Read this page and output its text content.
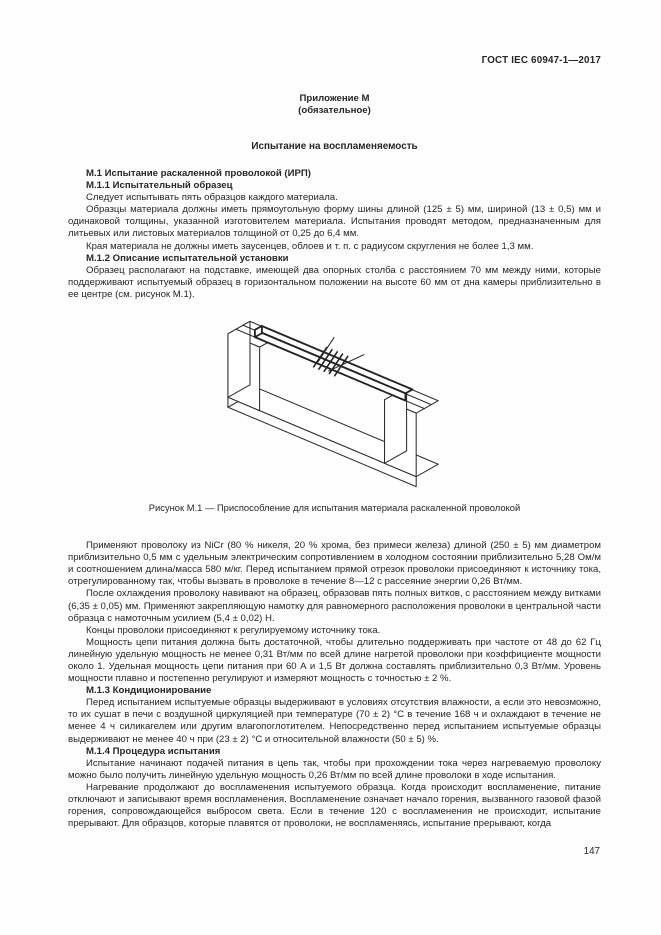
ГОСТ IEC 60947-1—2017
Приложение М
(обязательное)
Испытание на воспламеняемость

М.1 Испытание раскаленной проволокой (ИРП)

М.1.1 Испытательный образец

Следует испытывать пять образцов каждого материала.

Образцы материала должны иметь прямоугольную форму шины длиной (125 ± 5) мм, шириной (13 ± 0,5) мм и одинаковой толщины, указанной изготовителем материала. Испытания проводят методом, предназначенным для литьевых или листовых материалов толщиной от 0,25 до 6,4 мм.

Края материала не должны иметь заусенцев, облоев и т. п. с радиусом скругления не более 1,3 мм.

М.1.2 Описание испытательной установки

Образец располагают на подставке, имеющей два опорных столба с расстоянием 70 мм между ними, которые поддерживают испытуемый образец в горизонтальном положении на высоте 60 мм от дна камеры приблизительно в ее центре (см. рисунок М.1).

Рисунок М.1 — Приспособление для испытания материала раскаленной проволокой

Применяют проволоку из NiCr (80 % никеля, 20 % хрома, без примеси железа) длиной (250 ± 5) мм диаметром приблизительно 0,5 мм с удельным электрическим сопротивлением в холодном состоянии приблизительно 5,28 Ом/м и соотношением длина/масса 580 м/кг. Перед испытанием прямой отрезок проволоки присоединяют к источнику тока, отрегулированному так, чтобы вызвать в проволоке в течение 8—12 с рассеяние энергии 0,26 Вт/мм.

После охлаждения проволоку навивают на образец, образовав пять полных витков, с расстоянием между витками (6,35 ± 0,05) мм. Применяют закрепляющую намотку для равномерного расположения проволоки в центральной части образца с намоточным усилием (5,4 ± 0,02) Н.

Концы проволоки присоединяют к регулируемому источнику тока.

Мощность цепи питания должна быть достаточной, чтобы длительно поддерживать при частоте от 48 до 62 Гц линейную удельную мощность не менее 0,31 Вт/мм по всей длине нагретой проволоки при коэффициенте мощности около 1. Удельная мощность цепи питания при 60 А и 1,5 Вт должна составлять приблизительно 0,3 Вт/мм. Уровень мощности плавно и постепенно регулируют и измеряют мощность с точностью ± 2 %.

М.1.3 Кондиционирование

Перед испытанием испытуемые образцы выдерживают в условиях отсутствия влажности, а если это невозможно, то их сушат в печи с воздушной циркуляцией при температуре (70 ± 2) °С в течение 168 ч и охлаждают в течение не менее 4 ч силикагелем или другим влагопоглотителем. Непосредственно перед испытанием испытуемые образцы выдерживают не менее 40 ч при (23 ± 2) °С и относительной влажности (50 ± 5) %.

М.1.4 Процедура испытания

Испытание начинают подачей питания в цепь так, чтобы при прохождении тока через нагреваемую проволоку можно было получить линейную удельную мощность 0,26 Вт/мм по всей длине проволоки в ходе испытания.

Нагревание продолжают до воспламенения испытуемого образца. Когда происходит воспламенение, питание отключают и записывают время воспламенения. Воспламенение означает начало горения, вызванного газовой фазой горения, сопровождающейся выбросом света. Если в течение 120 с воспламенения не происходит, испытание прерывают. Для образцов, которые плавятся от проволоки, не воспламеняясь, испытание прерывают, когда

147
